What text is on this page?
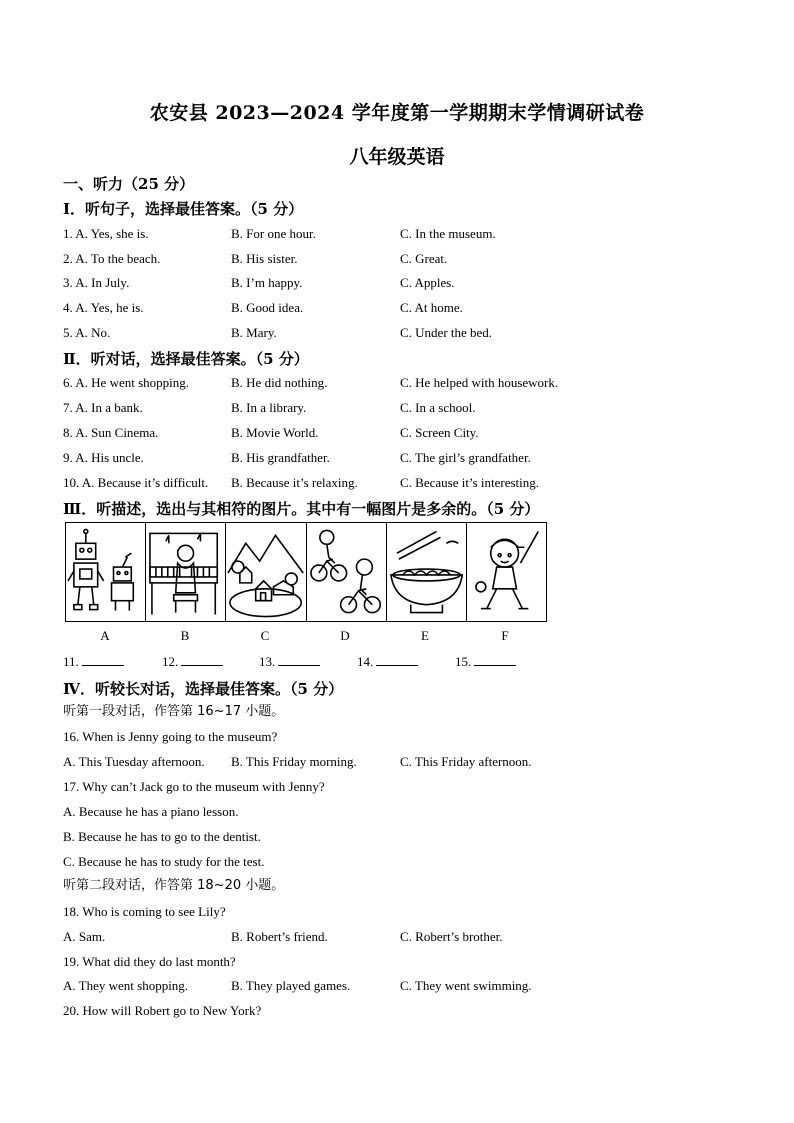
农安县 2023—2024 学年度第一学期期末学情调研试卷
八年级英语
一、听力（25 分）
Ⅰ．听句子，选择最佳答案。（5 分）
1. A. Yes, she is.	B. For one hour.	C. In the museum.
2. A. To the beach.	B. His sister.	C. Great.
3. A. In July.	B. I’m happy.	C. Apples.
4. A. Yes, he is.	B. Good idea.	C. At home.
5. A. No.	B. Mary.	C. Under the bed.
Ⅱ．听对话，选择最佳答案。（5 分）
6. A. He went shopping.	B. He did nothing.	C. He helped with housework.
7. A. In a bank.	B. In a library.	C. In a school.
8. A. Sun Cinema.	B. Movie World.	C. Screen City.
9. A. His uncle.	B. His grandfather.	C. The girl’s grandfather.
10. A. Because it’s difficult. B. Because it’s relaxing.	C. Because it’s interesting.
Ⅲ．听描述，选出与其相符的图片。其中有一幅图片是多余的。（5 分）
A	B	C	D	E	F
11.	12.	13.	14.	15.
Ⅳ．听较长对话，选择最佳答案。（5 分）
听第一段对话，作答第 16~17 小题。
16. When is Jenny going to the museum?
A. This Tuesday afternoon. B. This Friday morning.	C. This Friday afternoon.
17. Why can’t Jack go to the museum with Jenny?
A. Because he has a piano lesson.
B. Because he has to go to the dentist.
C. Because he has to study for the test.
听第二段对话，作答第 18~20 小题。
18. Who is coming to see Lily?
A. Sam.	B. Robert’s friend.	C. Robert’s brother.
19. What did they do last month?
A. They went shopping.	B. They played games.	C. They went swimming.
20. How will Robert go to New York?
